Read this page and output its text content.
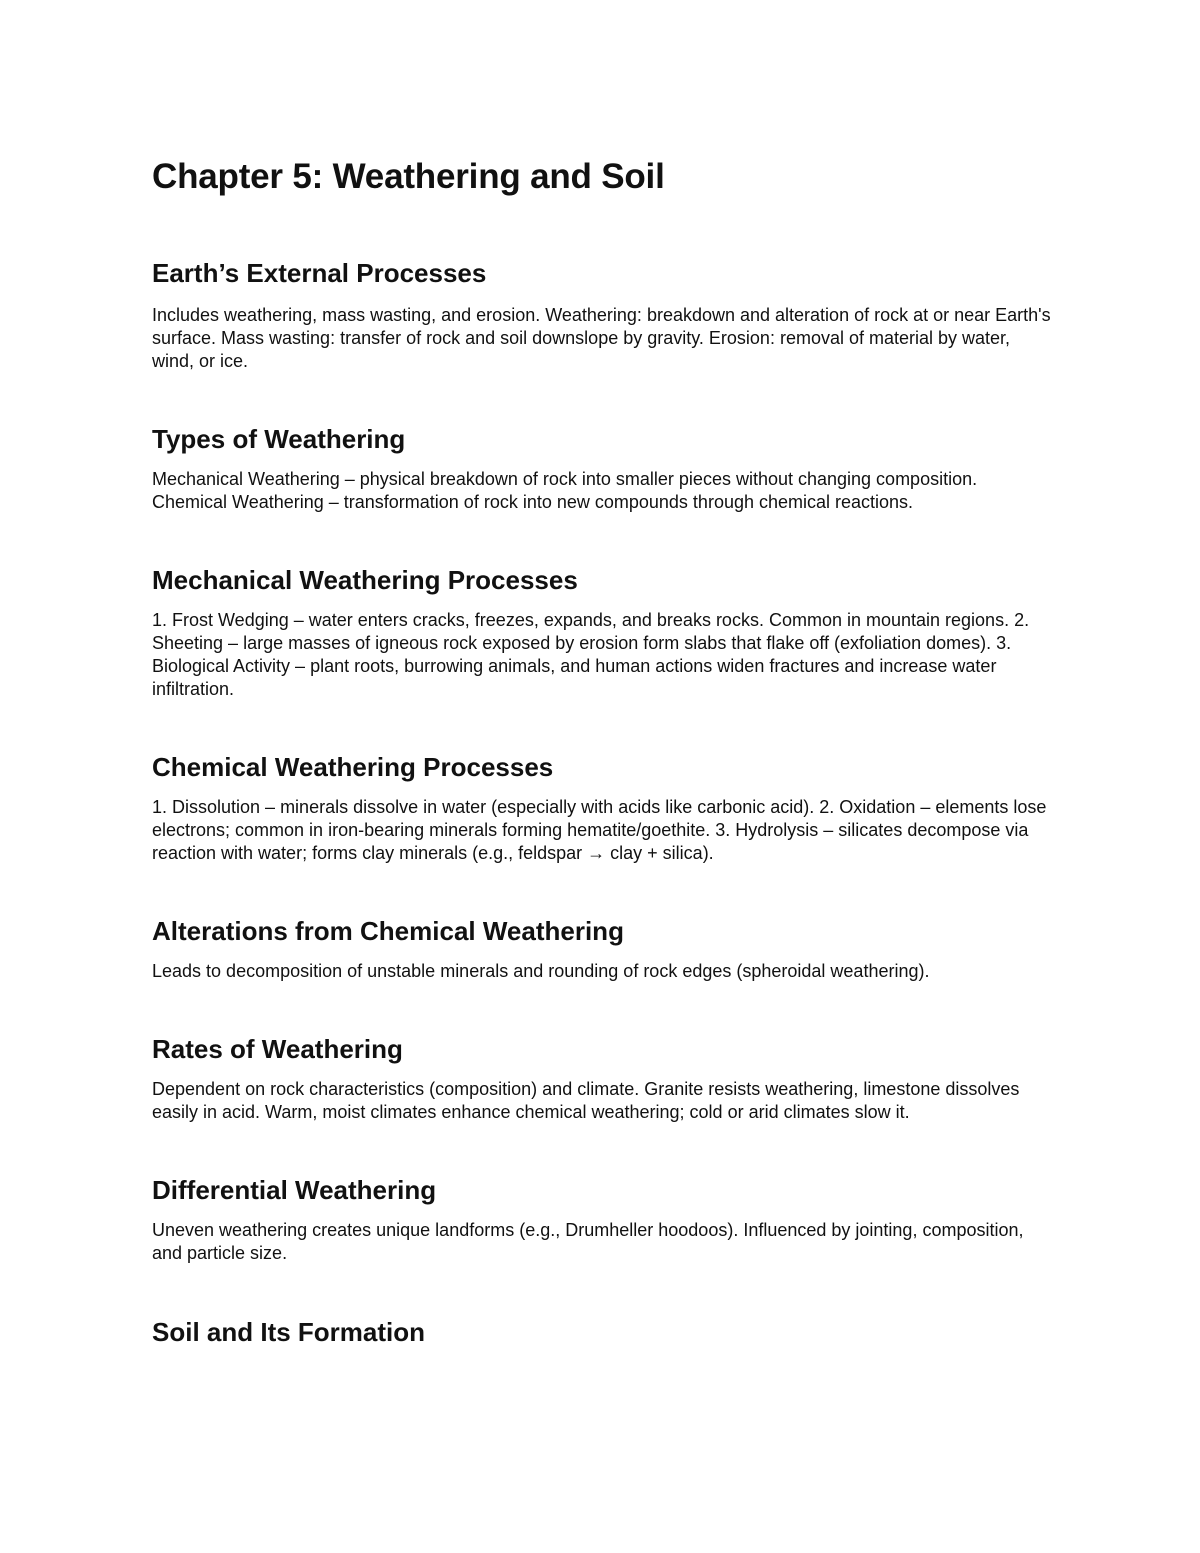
Chapter 5: Weathering and Soil
Earth’s External Processes

Includes weathering, mass wasting, and erosion. Weathering: breakdown and alteration of rock at or near Earth's surface. Mass wasting: transfer of rock and soil downslope by gravity. Erosion: removal of material by water, wind, or ice.

Types of Weathering

Mechanical Weathering – physical breakdown of rock into smaller pieces without changing composition. Chemical Weathering – transformation of rock into new compounds through chemical reactions.

Mechanical Weathering Processes

1. Frost Wedging – water enters cracks, freezes, expands, and breaks rocks. Common in mountain regions. 2. Sheeting – large masses of igneous rock exposed by erosion form slabs that flake off (exfoliation domes). 3. Biological Activity – plant roots, burrowing animals, and human actions widen fractures and increase water infiltration.

Chemical Weathering Processes

1. Dissolution – minerals dissolve in water (especially with acids like carbonic acid). 2. Oxidation – elements lose electrons; common in iron-bearing minerals forming hematite/goethite. 3. Hydrolysis – silicates decompose via reaction with water; forms clay minerals (e.g., feldspar → clay + silica).

Alterations from Chemical Weathering

Leads to decomposition of unstable minerals and rounding of rock edges (spheroidal weathering).

Rates of Weathering

Dependent on rock characteristics (composition) and climate. Granite resists weathering, limestone dissolves easily in acid. Warm, moist climates enhance chemical weathering; cold or arid climates slow it.

Differential Weathering

Uneven weathering creates unique landforms (e.g., Drumheller hoodoos). Influenced by jointing, composition, and particle size.

Soil and Its Formation
